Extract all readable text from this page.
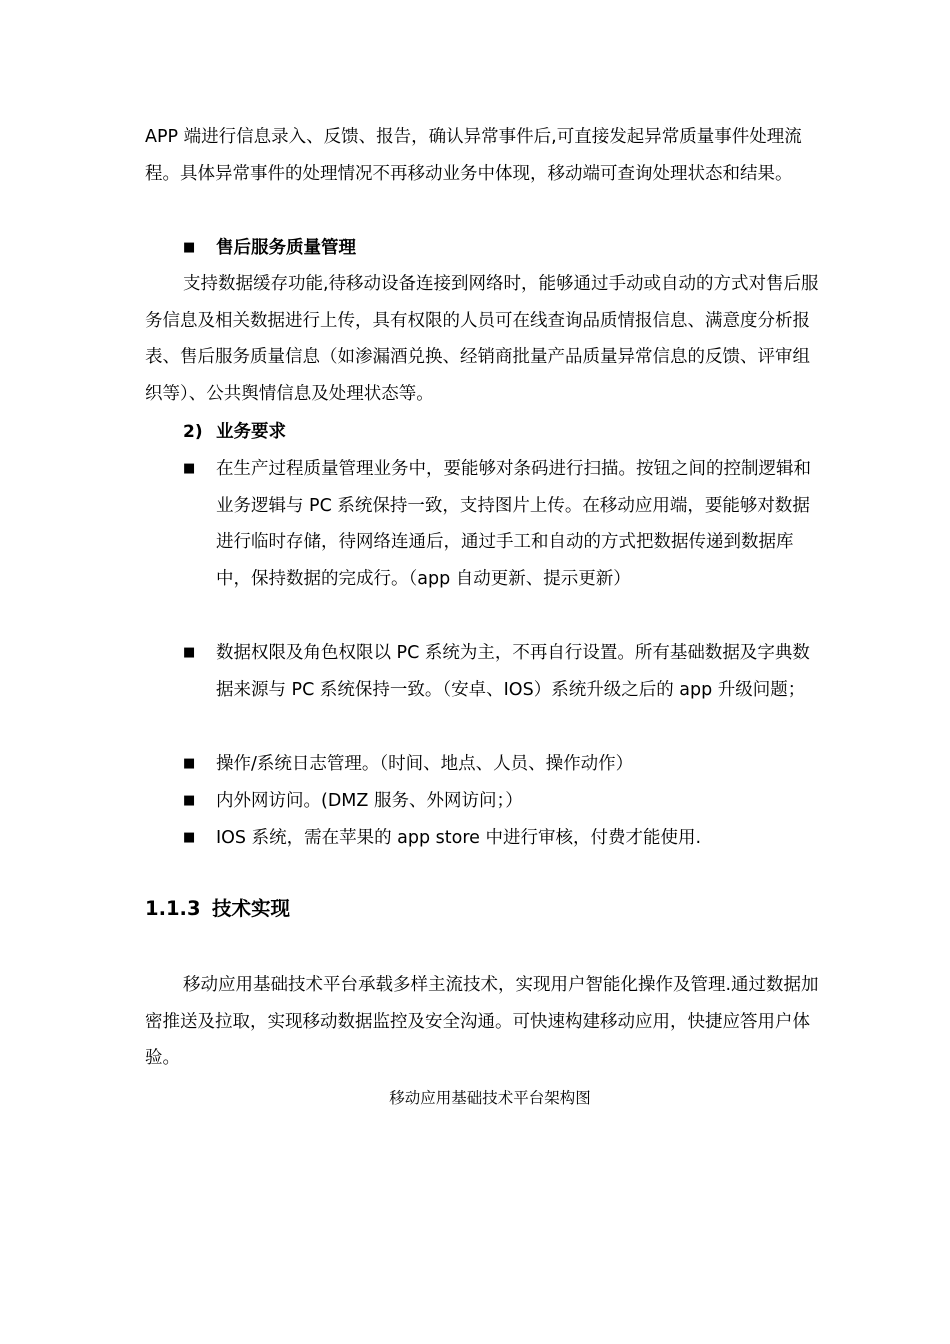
APP 端进行信息录入、反馈、报告，确认异常事件后,可直接发起异常质量事件处理流程。具体异常事件的处理情况不再移动业务中体现，移动端可查询处理状态和结果。

■	售后服务质量管理

支持数据缓存功能,待移动设备连接到网络时，能够通过手动或自动的方式对售后服务信息及相关数据进行上传，具有权限的人员可在线查询品质情报信息、满意度分析报表、售后服务质量信息（如渗漏酒兑换、经销商批量产品质量异常信息的反馈、评审组织等）、公共舆情信息及处理状态等。

2) 业务要求
■	在生产过程质量管理业务中，要能够对条码进行扫描。按钮之间的控制逻辑和业务逻辑与 PC 系统保持一致，支持图片上传。在移动应用端，要能够对数据进行临时存储，待网络连通后，通过手工和自动的方式把数据传递到数据库中，保持数据的完成行。（app 自动更新、提示更新）
■	数据权限及角色权限以 PC 系统为主，不再自行设置。所有基础数据及字典数据来源与 PC 系统保持一致。（安卓、IOS）系统升级之后的 app 升级问题；
■	操作/系统日志管理。（时间、地点、人员、操作动作）
■	内外网访问。(DMZ 服务、外网访问；）
■	IOS 系统，需在苹果的 app store 中进行审核，付费才能使用.
1.1.3 技术实现

移动应用基础技术平台承载多样主流技术，实现用户智能化操作及管理.通过数据加密推送及拉取，实现移动数据监控及安全沟通。可快速构建移动应用，快捷应答用户体验。

移动应用基础技术平台架构图
